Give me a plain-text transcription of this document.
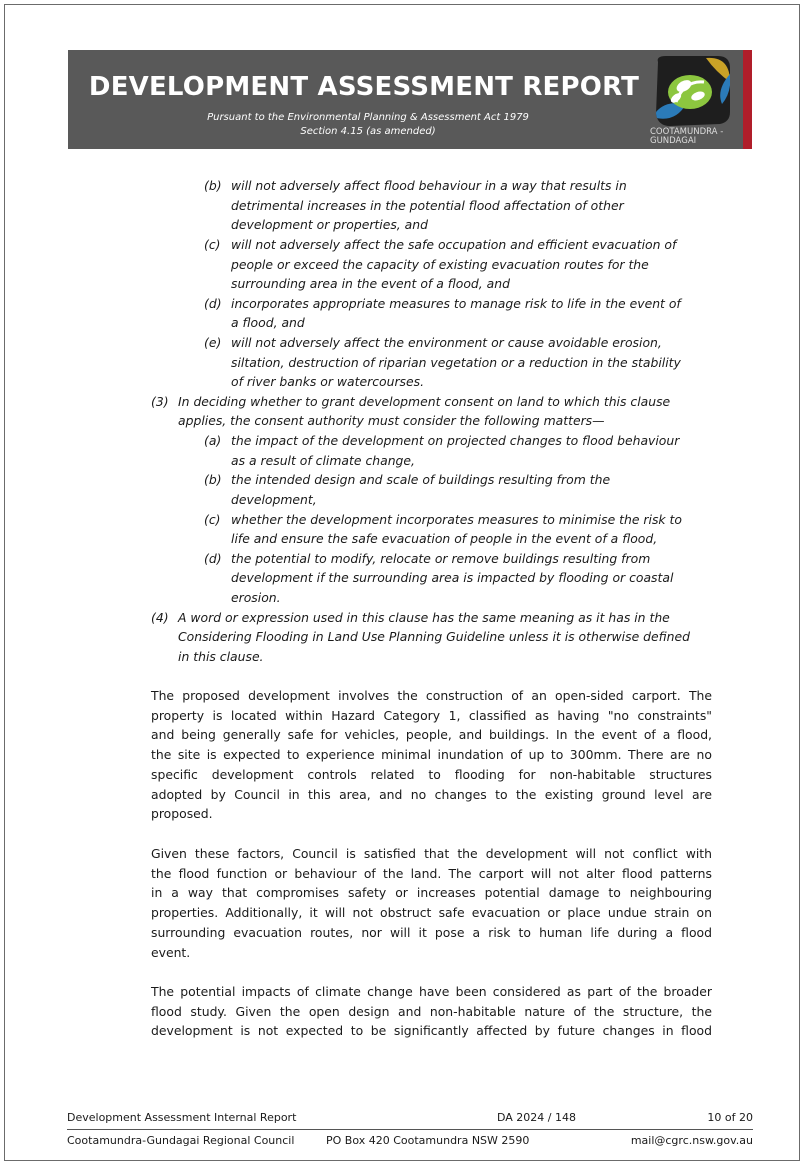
DEVELOPMENT ASSESSMENT REPORT
Pursuant to the Environmental Planning & Assessment Act 1979
Section 4.15 (as amended)	COOTAMUNDRA -
GUNDAGAI
(b) will not adversely affect flood behaviour in a way that results in
detrimental increases in the potential flood affectation of other
development or properties, and
(c) will not adversely affect the safe occupation and efficient evacuation of
people or exceed the capacity of existing evacuation routes for the
surrounding area in the event of a flood, and
(d) incorporates appropriate measures to manage risk to life in the event of
a flood, and
(e) will not adversely affect the environment or cause avoidable erosion,
siltation, destruction of riparian vegetation or a reduction in the stability
of river banks or watercourses.
(3) In deciding whether to grant development consent on land to which this clause
applies, the consent authority must consider the following matters—
(a) the impact of the development on projected changes to flood behaviour
as a result of climate change,
(b) the intended design and scale of buildings resulting from the
development,
(c) whether the development incorporates measures to minimise the risk to
life and ensure the safe evacuation of people in the event of a flood,
(d) the potential to modify, relocate or remove buildings resulting from
development if the surrounding area is impacted by flooding or coastal
erosion.
(4) A word or expression used in this clause has the same meaning as it has in the
Considering Flooding in Land Use Planning Guideline unless it is otherwise defined
in this clause.
The proposed development involves the construction of an open-sided carport. The
property is located within Hazard Category 1, classified as having "no constraints"
and being generally safe for vehicles, people, and buildings. In the event of a flood,
the site is expected to experience minimal inundation of up to 300mm. There are no
specific development controls related to flooding for non-habitable structures
adopted by Council in this area, and no changes to the existing ground level are
proposed.
Given these factors, Council is satisfied that the development will not conflict with
the flood function or behaviour of the land. The carport will not alter flood patterns
in a way that compromises safety or increases potential damage to neighbouring
properties. Additionally, it will not obstruct safe evacuation or place undue strain on
surrounding evacuation routes, nor will it pose a risk to human life during a flood
event.
The potential impacts of climate change have been considered as part of the broader
flood study. Given the open design and non-habitable nature of the structure, the
development is not expected to be significantly affected by future changes in flood
Development Assessment Internal Report	DA 2024 / 148	10 of 20
Cootamundra-Gundagai Regional Council	PO Box 420 Cootamundra NSW 2590	mail@cgrc.nsw.gov.au
